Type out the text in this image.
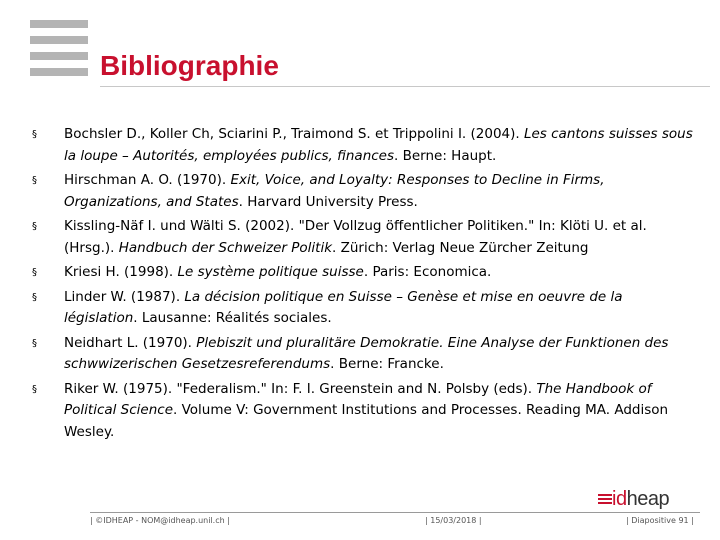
Bibliographie
§ Bochsler D., Koller Ch, Sciarini P., Traimond S. et Trippolini I. (2004). Les cantons suisses sous la loupe – Autorités, employées publics, finances. Berne: Haupt.
§ Hirschman A. O. (1970). Exit, Voice, and Loyalty: Responses to Decline in Firms, Organizations, and States. Harvard University Press.
§ Kissling-Näf I. und Wälti S. (2002). "Der Vollzug öffentlicher Politiken." In: Klöti U. et al. (Hrsg.). Handbuch der Schweizer Politik. Zürich: Verlag Neue Zürcher Zeitung
§ Kriesi H. (1998). Le système politique suisse. Paris: Economica.
§ Linder W. (1987). La décision politique en Suisse – Genèse et mise en oeuvre de la législation. Lausanne: Réalités sociales.
§ Neidhart L. (1970). Plebiszit und pluralitäre Demokratie. Eine Analyse der Funktionen des schwwizerischen Gesetzesreferendums. Berne: Francke.
§ Riker W. (1975). "Federalism." In: F. I. Greenstein and N. Polsby (eds). The Handbook of Political Science. Volume V: Government Institutions and Processes. Reading MA. Addison Wesley.
idheap
| ©IDHEAP - NOM@idheap.unil.ch |	| 15/03/2018 |	| Diapositive 91 |
